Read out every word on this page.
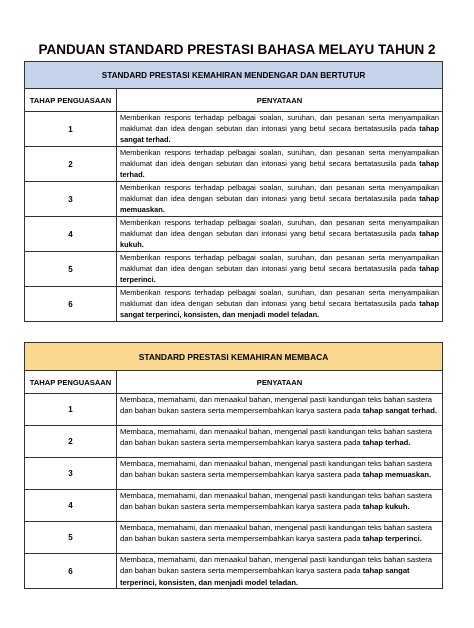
PANDUAN STANDARD PRESTASI BAHASA MELAYU TAHUN 2
STANDARD PRESTASI KEMAHIRAN MENDENGAR DAN BERTUTUR	
TAHAP PENGUASAAN	PENYATAAN
1	Memberikan respons terhadap pelbagai soalan, suruhan, dan pesanan serta menyampaikan maklumat dan idea dengan sebutan dan intonasi yang betul secara bertatasusila pada tahap sangat terhad.
2	Memberikan respons terhadap pelbagai soalan, suruhan, dan pesanan serta menyampaikan maklumat dan idea dengan sebutan dan intonasi yang betul secara bertatasusila pada tahap terhad.
3	Memberikan respons terhadap pelbagai soalan, suruhan, dan pesanan serta menyampaikan maklumat dan idea dengan sebutan dan intonasi yang betul secara bertatasusila pada tahap memuaskan.
4	Memberikan respons terhadap pelbagai soalan, suruhan, dan pesanan serta menyampaikan maklumat dan idea dengan sebutan dan intonasi yang betul secara bertatasusila pada tahap kukuh.
5	Memberikan respons terhadap pelbagai soalan, suruhan, dan pesanan serta menyampaikan maklumat dan idea dengan sebutan dan intonasi yang betul secara bertatasusila pada tahap terperinci.
6	Memberikan respons terhadap pelbagai soalan, suruhan, dan pesanan serta menyampaikan maklumat dan idea dengan sebutan dan intonasi yang betul secara bertatasusila pada tahap sangat terperinci, konsisten, dan menjadi model teladan.
STANDARD PRESTASI KEMAHIRAN MEMBACA	
TAHAP PENGUASAAN	PENYATAAN
1	Membaca, memahami, dan menaakul bahan, mengenal pasti kandungan teks bahan sastera dan bahan bukan sastera serta mempersembahkan karya sastera pada tahap sangat terhad.
2	Membaca, memahami, dan menaakul bahan, mengenal pasti kandungan teks bahan sastera dan bahan bukan sastera serta mempersembahkan karya sastera pada tahap terhad.
3	Membaca, memahami, dan menaakul bahan, mengenal pasti kandungan teks bahan sastera dan bahan bukan sastera serta mempersembahkan karya sastera pada tahap memuaskan.
4	Membaca, memahami, dan menaakul bahan, mengenal pasti kandungan teks bahan sastera dan bahan bukan sastera serta mempersembahkan karya sastera pada tahap kukuh.
5	Membaca, memahami, dan menaakul bahan, mengenal pasti kandungan teks bahan sastera dan bahan bukan sastera serta mempersembahkan karya sastera pada tahap terperinci.
6	Membaca, memahami, dan menaakul bahan, mengenal pasti kandungan teks bahan sastera dan bahan bukan sastera serta mempersembahkan karya sastera pada tahap sangat terperinci, konsisten, dan menjadi model teladan.
